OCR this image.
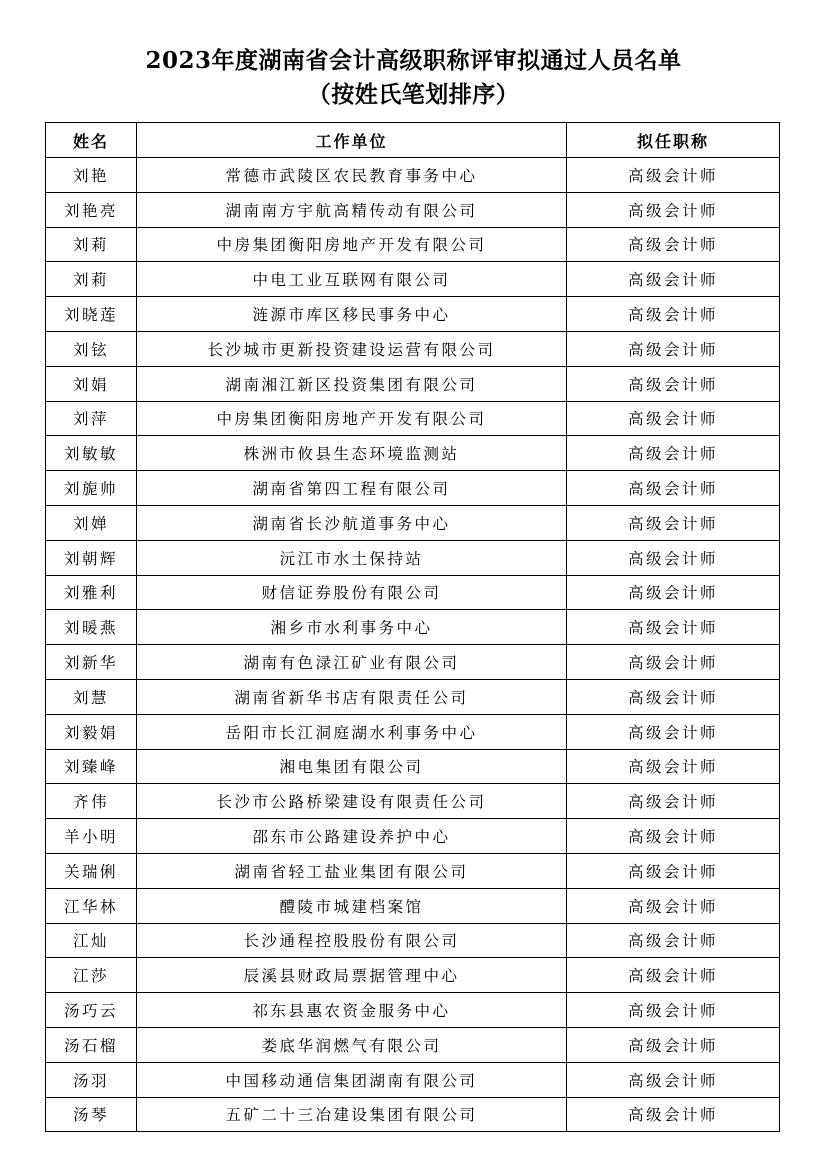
2023年度湖南省会计高级职称评审拟通过人员名单
（按姓氏笔划排序）
姓名	工作单位	拟任职称
刘艳	常德市武陵区农民教育事务中心	高级会计师
刘艳亮	湖南南方宇航高精传动有限公司	高级会计师
刘莉	中房集团衡阳房地产开发有限公司	高级会计师
刘莉	中电工业互联网有限公司	高级会计师
刘晓莲	涟源市库区移民事务中心	高级会计师
刘铉	长沙城市更新投资建设运营有限公司	高级会计师
刘娟	湖南湘江新区投资集团有限公司	高级会计师
刘萍	中房集团衡阳房地产开发有限公司	高级会计师
刘敏敏	株洲市攸县生态环境监测站	高级会计师
刘旎帅	湖南省第四工程有限公司	高级会计师
刘婵	湖南省长沙航道事务中心	高级会计师
刘朝辉	沅江市水土保持站	高级会计师
刘雅利	财信证券股份有限公司	高级会计师
刘暖燕	湘乡市水利事务中心	高级会计师
刘新华	湖南有色渌江矿业有限公司	高级会计师
刘慧	湖南省新华书店有限责任公司	高级会计师
刘毅娟	岳阳市长江洞庭湖水利事务中心	高级会计师
刘臻峰	湘电集团有限公司	高级会计师
齐伟	长沙市公路桥梁建设有限责任公司	高级会计师
羊小明	邵东市公路建设养护中心	高级会计师
关瑞俐	湖南省轻工盐业集团有限公司	高级会计师
江华林	醴陵市城建档案馆	高级会计师
江灿	长沙通程控股股份有限公司	高级会计师
江莎	辰溪县财政局票据管理中心	高级会计师
汤巧云	祁东县惠农资金服务中心	高级会计师
汤石榴	娄底华润燃气有限公司	高级会计师
汤羽	中国移动通信集团湖南有限公司	高级会计师
汤琴	五矿二十三冶建设集团有限公司	高级会计师
